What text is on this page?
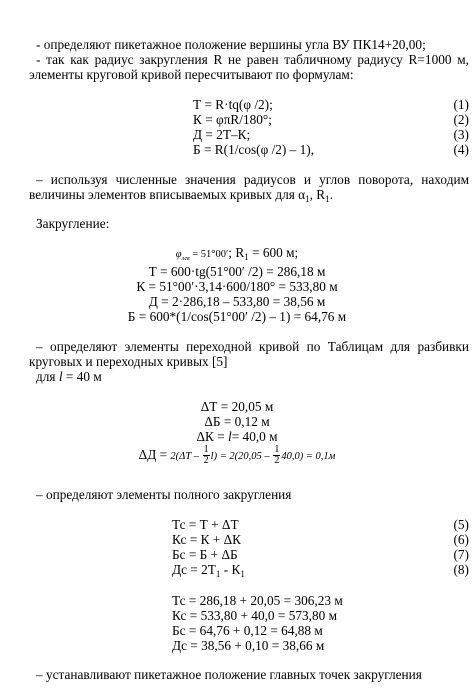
- определяют пикетажное положение вершины угла ВУ ПК14+20,00;
- так как радиус закругления R не равен табличному радиусу R=1000 м, элементы круговой кривой пересчитывают по формулам:
Т = R·tq(φ /2);	(1)
К = φπR/180°;	(2)
Д = 2Т–К;	(3)
Б = R(1/cos(φ /2) – 1),	(4)
– используя численные значения радиусов и углов поворота, находим величины элементов вписываемых кривых для $\alpha_1$, $R_1$.
Закругление:
$\varphi_{лев} = 51^\circ 00'$; $R_1 = 600$ м;
Т = 600·tg(51°00′ /2) = 286,18 м
К = 51°00′·3,14·600/180° = 533,80 м
Д = 2·286,18 – 533,80 = 38,56 м
Б = 600*(1/cos(51°00′ /2) – 1) = 64,76 м
– определяют элементы переходной кривой по Таблицам для разбивки круговых и переходных кривых [5]
для l = 40 м
ΔТ = 20,05 м
ΔБ = 0,12 м
ΔК = l= 40,0 м
$\Delta Д = 2(\Delta Т - \frac{1}{2} l) = 2(20,05 - \frac{1}{2} 40,0) = 0,1м$
– определяют элементы полного закругления
Тс = Т + ΔТ	(5)
Кс = К + ΔК	(6)
Бс = Б + ΔБ	(7)
Дс = $2Т_1 - К_1$	(8)
Тс = 286,18 + 20,05 = 306,23 м
Кс = 533,80 + 40,0 = 573,80 м
Бс = 64,76 + 0,12 = 64,88 м
Дс = 38,56 + 0,10 = 38,66 м
– устанавливают пикетажное положение главных точек закругления
